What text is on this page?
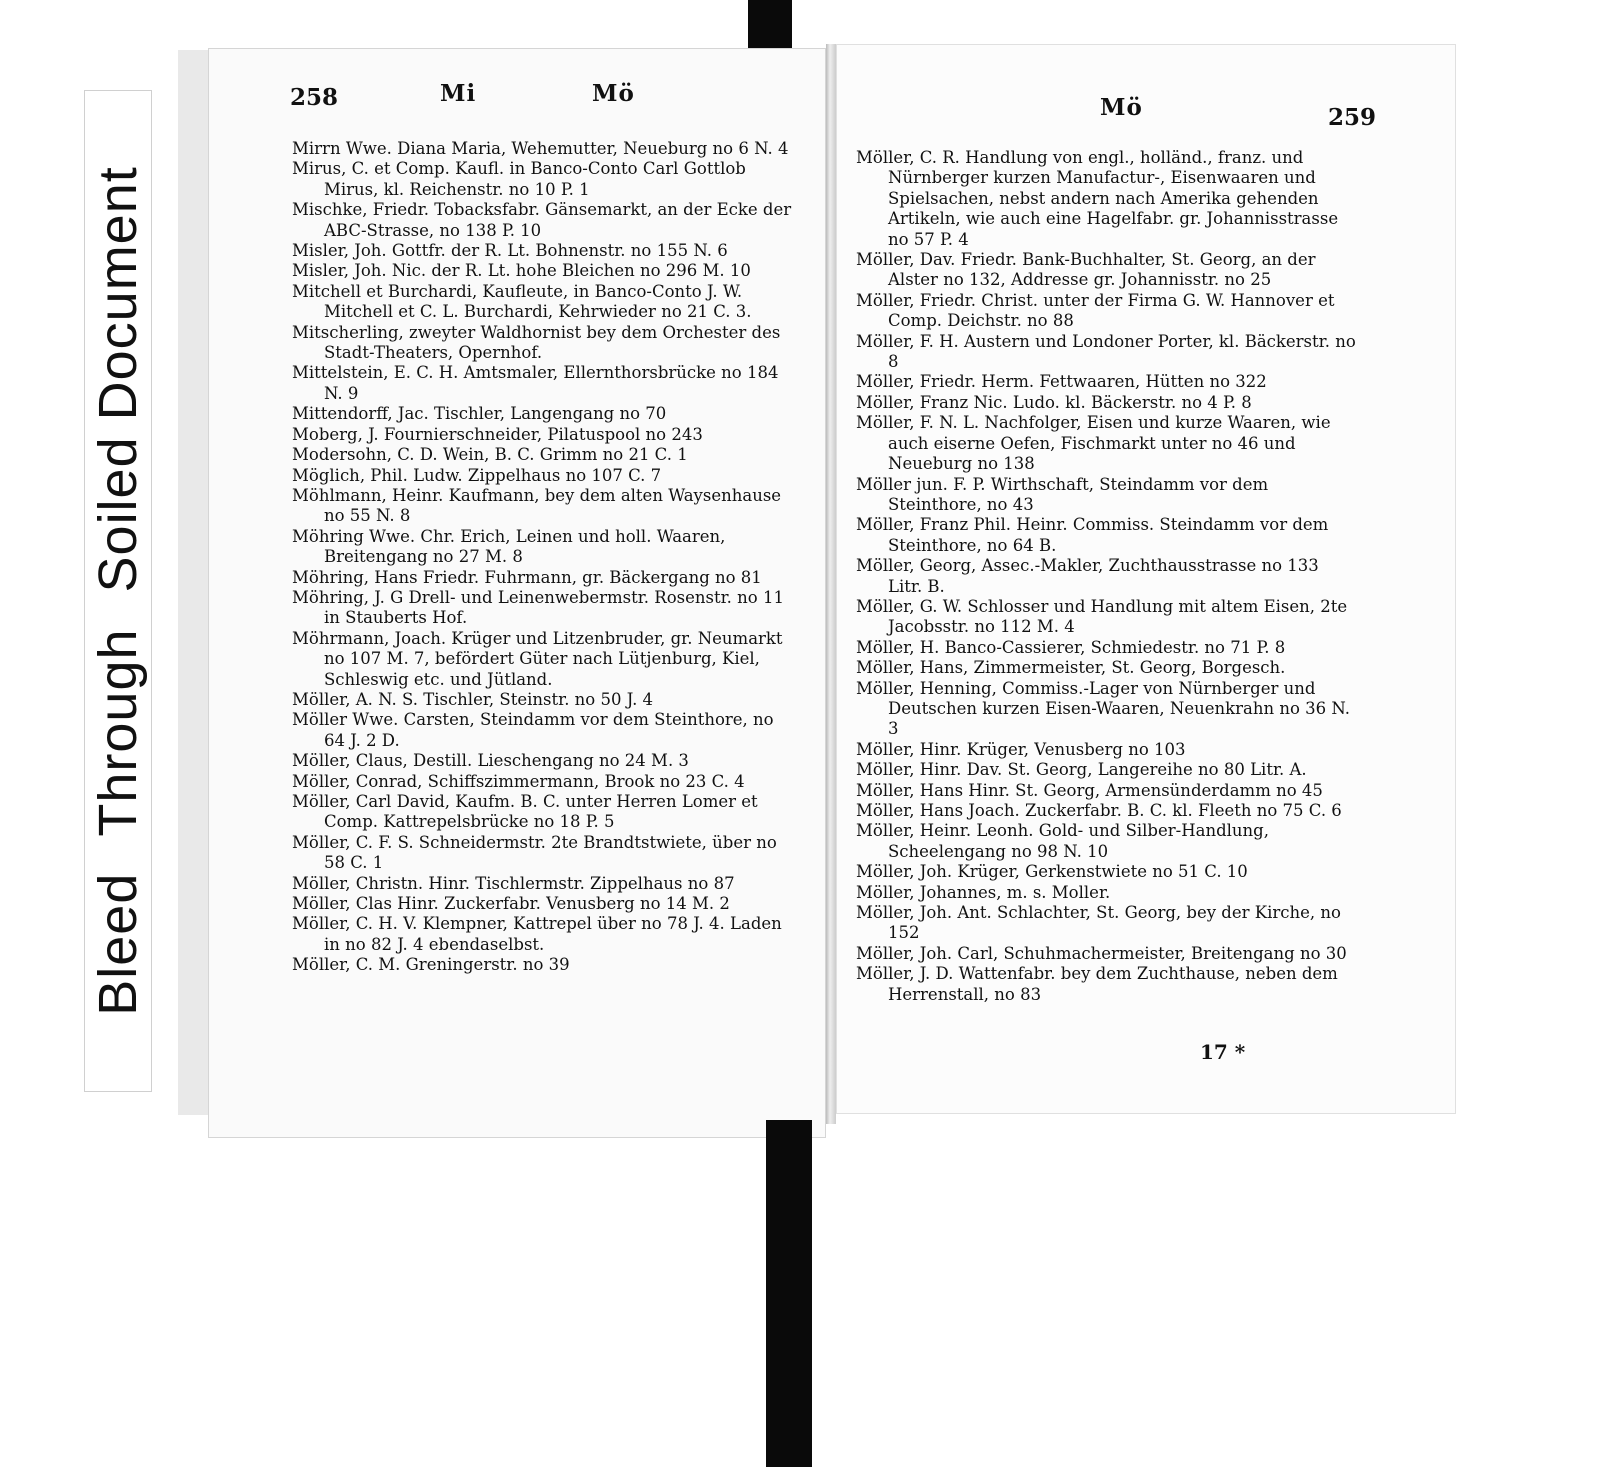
BleedThroughSoiled Document
258	Mi	Mö
Mö	259
Mirrn Wwe. Diana Maria, Wehemutter, Neueburg no 6 N. 4
Mirus, C. et Comp. Kaufl. in Banco-Conto Carl Gottlob Mirus, kl. Reichenstr. no 10 P. 1
Mischke, Friedr. Tobacksfabr. Gänsemarkt, an der Ecke der ABC-Strasse, no 138 P. 10
Misler, Joh. Gottfr. der R. Lt. Bohnenstr. no 155 N. 6
Misler, Joh. Nic. der R. Lt. hohe Bleichen no 296 M. 10
Mitchell et Burchardi, Kaufleute, in Banco-Conto J. W. Mitchell et C. L. Burchardi, Kehrwieder no 21 C. 3.
Mitscherling, zweyter Waldhornist bey dem Orchester des Stadt-Theaters, Opernhof.
Mittelstein, E. C. H. Amtsmaler, Ellernthorsbrücke no 184 N. 9
Mittendorff, Jac. Tischler, Langengang no 70
Moberg, J. Fournierschneider, Pilatuspool no 243
Modersohn, C. D. Wein, B. C. Grimm no 21 C. 1
Möglich, Phil. Ludw. Zippelhaus no 107 C. 7
Möhlmann, Heinr. Kaufmann, bey dem alten Waysenhause no 55 N. 8
Möhring Wwe. Chr. Erich, Leinen und holl. Waaren, Breitengang no 27 M. 8
Möhring, Hans Friedr. Fuhrmann, gr. Bäckergang no 81
Möhring, J. G Drell- und Leinenwebermstr. Rosenstr. no 11 in Stauberts Hof.
Möhrmann, Joach. Krüger und Litzenbruder, gr. Neumarkt no 107 M. 7, befördert Güter nach Lütjenburg, Kiel, Schleswig etc. und Jütland.
Möller, A. N. S. Tischler, Steinstr. no 50 J. 4
Möller Wwe. Carsten, Steindamm vor dem Steinthore, no 64 J. 2 D.
Möller, Claus, Destill. Lieschengang no 24 M. 3
Möller, Conrad, Schiffszimmermann, Brook no 23 C. 4
Möller, Carl David, Kaufm. B. C. unter Herren Lomer et Comp. Kattrepelsbrücke no 18 P. 5
Möller, C. F. S. Schneidermstr. 2te Brandtstwiete, über no 58 C. 1
Möller, Christn. Hinr. Tischlermstr. Zippelhaus no 87
Möller, Clas Hinr. Zuckerfabr. Venusberg no 14 M. 2
Möller, C. H. V. Klempner, Kattrepel über no 78 J. 4. Laden in no 82 J. 4 ebendaselbst.
Möller, C. M. Greningerstr. no 39
Möller, C. R. Handlung von engl., holländ., franz. und Nürnberger kurzen Manufactur-, Eisenwaaren und Spielsachen, nebst andern nach Amerika gehenden Artikeln, wie auch eine Hagelfabr. gr. Johannisstrasse no 57 P. 4
Möller, Dav. Friedr. Bank-Buchhalter, St. Georg, an der Alster no 132, Addresse gr. Johannisstr. no 25
Möller, Friedr. Christ. unter der Firma G. W. Hannover et Comp. Deichstr. no 88
Möller, F. H. Austern und Londoner Porter, kl. Bäckerstr. no 8
Möller, Friedr. Herm. Fettwaaren, Hütten no 322
Möller, Franz Nic. Ludo. kl. Bäckerstr. no 4 P. 8
Möller, F. N. L. Nachfolger, Eisen und kurze Waaren, wie auch eiserne Oefen, Fischmarkt unter no 46 und Neueburg no 138
Möller jun. F. P. Wirthschaft, Steindamm vor dem Steinthore, no 43
Möller, Franz Phil. Heinr. Commiss. Steindamm vor dem Steinthore, no 64 B.
Möller, Georg, Assec.-Makler, Zuchthausstrasse no 133 Litr. B.
Möller, G. W. Schlosser und Handlung mit altem Eisen, 2te Jacobsstr. no 112 M. 4
Möller, H. Banco-Cassierer, Schmiedestr. no 71 P. 8
Möller, Hans, Zimmermeister, St. Georg, Borgesch.
Möller, Henning, Commiss.-Lager von Nürnberger und Deutschen kurzen Eisen-Waaren, Neuenkrahn no 36 N. 3
Möller, Hinr. Krüger, Venusberg no 103
Möller, Hinr. Dav. St. Georg, Langereihe no 80 Litr. A.
Möller, Hans Hinr. St. Georg, Armensünderdamm no 45
Möller, Hans Joach. Zuckerfabr. B. C. kl. Fleeth no 75 C. 6
Möller, Heinr. Leonh. Gold- und Silber-Handlung, Scheelengang no 98 N. 10
Möller, Joh. Krüger, Gerkenstwiete no 51 C. 10
Möller, Johannes, m. s. Moller.
Möller, Joh. Ant. Schlachter, St. Georg, bey der Kirche, no 152
Möller, Joh. Carl, Schuhmachermeister, Breitengang no 30
Möller, J. D. Wattenfabr. bey dem Zuchthause, neben dem Herrenstall, no 83
17 *
